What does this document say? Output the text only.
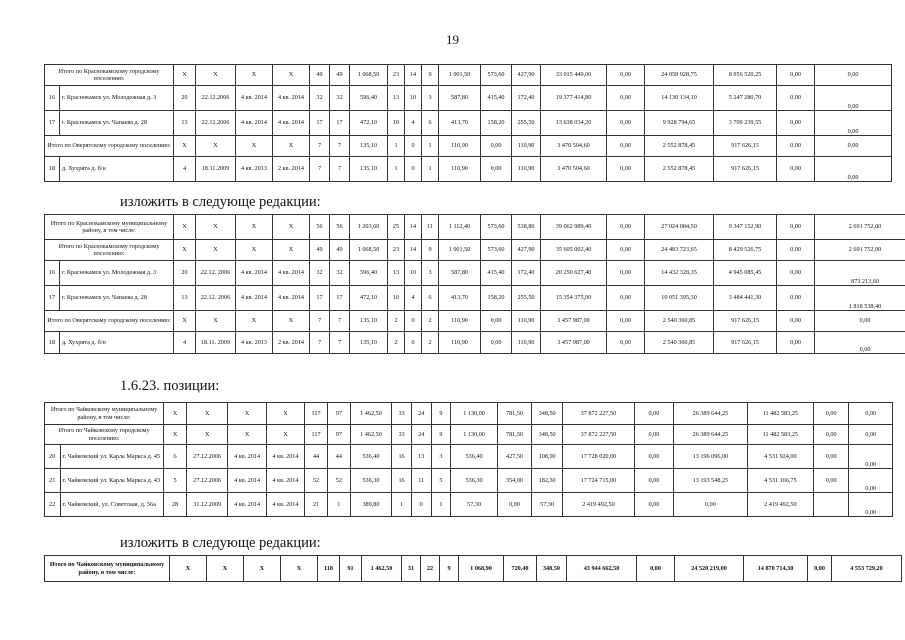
19
Итого по Краснокамскому городскому поселению:		X	X	X	X	49	49	1 068,50	23	14	9	1 001,50	573,60	427,90	33 015 449,00	0,00	24 058 928,75	8 956 520,25	0,00	0,00
16	г. Краснокамск ул. Молодежная д. 3	20	22.12.2006	4 кв. 2014	4 кв. 2014	32	32	596,40	13	10	3	587,80	415,40	172,40	19 377 414,80	0,00	14 130 134,10	5 247 280,70	0,00	0,00
17	г. Краснокамск ул. Чапаева д. 28	13	22.12.2006	4 кв. 2014	4 кв. 2014	17	17	472,10	10	4	6	413,70	158,20	255,50	13 638 034,20	0,00	9 928 794,65	3 709 239,55	0,00	0,00
Итого по Оверятскому городскому поселению:		X	X	X	X	7	7	135,10	1	0	1	110,90	0,00	110,90	3 470 504,60	0,00	2 552 878,45	917 626,15	0,00	0,00
18	д. Хухрята д. б/н	4	18.11.2009	4 кв. 2013	2 кв. 2014	7	7	135,10	1	0	1	110,90	0,00	110,90	3 470 504,60	0,00	2 552 878,45	917 626,15	0,00	0,00
изложить в следующе редакции:
Итого по Краснокамскому муниципальному району, в том числе:		X	X	X	X	56	56	1 203,60	25	14	11	1 112,40	573,60	538,80	39 062 989,40	0,00	27 024 084,50	9 347 152,90	0,00	2 691 752,00
Итого по Краснокамскому городскому поселению:		X	X	X	X	49	49	1 068,50	23	14	9	1 001,50	573,60	427,90	35 605 002,40	0,00	24 483 723,65	8 429 526,75	0,00	2 691 752,00
16	г. Краснокамск ул. Молодежная д. 3	20	22.12. 2006	4 кв. 2014	4 кв. 2014	32	32	596,40	13	10	3	587,80	415,40	172,40	20 250 627,40	0,00	14 432 328,35	4 945 085,45	0,00	873 213,60
17	г. Краснокамск ул. Чапаева д. 28	13	22.12. 2006	4 кв. 2014	4 кв. 2014	17	17	472,10	10	4	6	413,70	158,20	255,50	15 354 375,00	0,00	10 051 395,30	3 484 441,30	0,00	1 818 538,40
Итого по Оверятскому городскому поселению:		X	X	X	X	7	7	135,10	2	0	2	110,90	0,00	110,90	3 457 987,00	0,00	2 540 360,85	917 626,15	0,00	0,00
18	д. Хухрята д. б/н	4	18.11. 2009	4 кв. 2013	2 кв. 2014	7	7	135,10	2	0	2	110,90	0,00	110,90	3 457 987,00	0,00	2 540 360,85	917 626,15	0,00	0,00
1.6.23. позиции:
Итого по Чайковскому муниципальному району, в том числе:		X	X	X	X	117	97	1 462,50	33	24	9	1 130,00	781,50	348,50	37 872 227,50	0,00	26 389 644,25	11 482 583,25	0,00	0,00
Итого по Чайковскому городскому поселению:		X	X	X	X	117	97	1 462,50	33	24	9	1 130,00	781,50	348,50	37 872 227,50	0,00	26 389 644,25	11 482 583,25	0,00	0,00
20	г. Чайковский ул. Карла Маркса д. 45	6	27.12.2006	4 кв. 2014	4 кв. 2014	44	44	536,40	16	13	3	536,40	427,50	108,90	17 728 020,00	0,00	13 196 096,00	4 531 924,00	0,00	0,00
21	г. Чайковский ул. Карла Маркса д. 43	5	27.12.2006	4 кв. 2014	4 кв. 2014	52	52	536,30	16	11	5	536,30	354,00	182,30	17 724 715,00	0,00	13 193 548,25	4 531 166,75	0,00	0,00
22	г. Чайковский, ул. Советская, д. 56а	28	31.12.2009	4 кв. 2014	4 кв. 2014	21	1	389,80	1	0	1	57,30	0,00	57,30	2 419 492,50	0,00	0,00	2 419 492,50		0,00
изложить в следующе редакции:
Итого по Чайковскому муниципальному району, в том числе:	X	X	X	X	118	91	1 462,50	31	22	9	1 068,90	720,40	348,50	43 944 662,50	0,00	24 520 219,00	14 870 714,30	0,00	4 553 729,20
